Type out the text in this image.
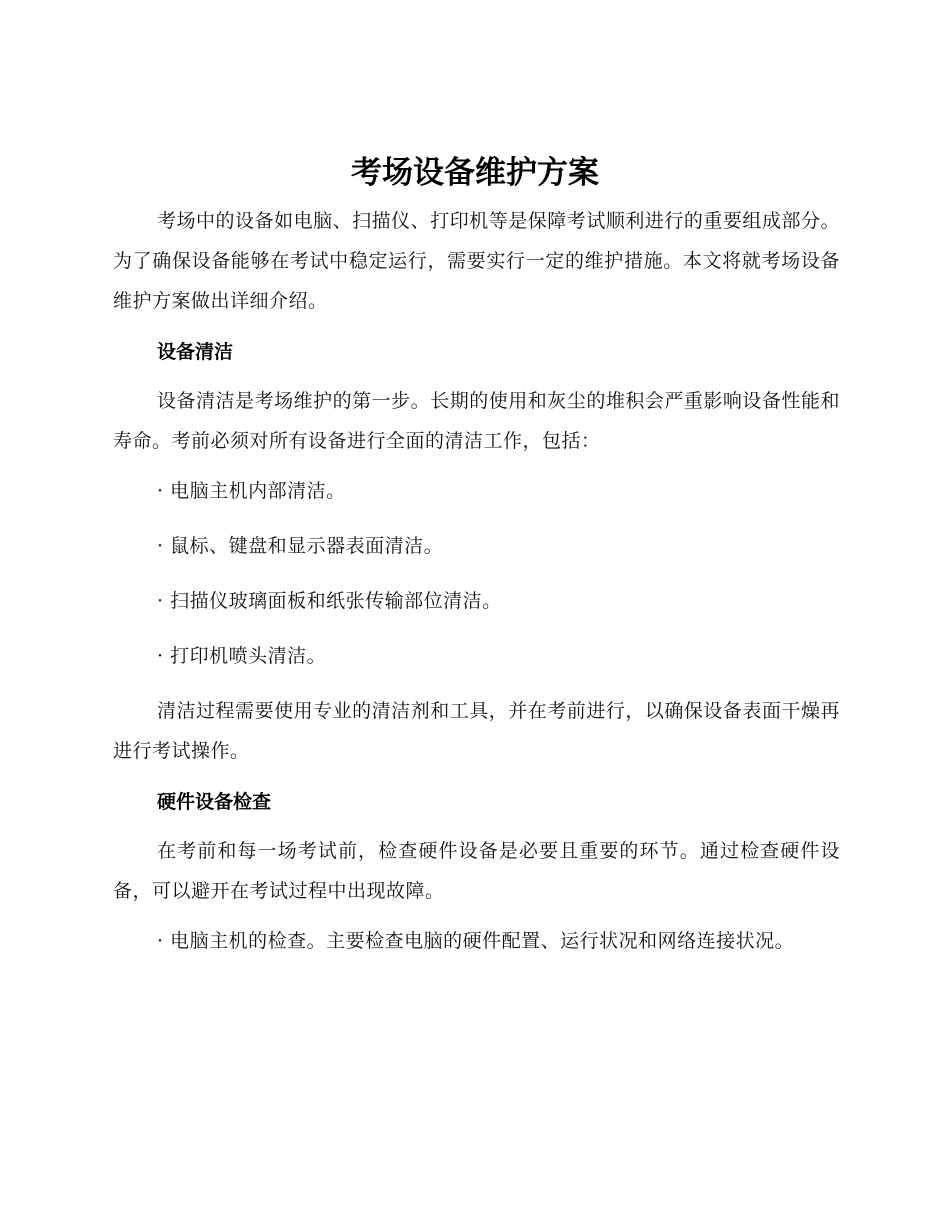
考场设备维护方案

考场中的设备如电脑、扫描仪、打印机等是保障考试顺利进行的重要组成部分。为了确保设备能够在考试中稳定运行，需要实行一定的维护措施。本文将就考场设备维护方案做出详细介绍。

设备清洁

设备清洁是考场维护的第一步。长期的使用和灰尘的堆积会严重影响设备性能和寿命。考前必须对所有设备进行全面的清洁工作，包括：

· 电脑主机内部清洁。

· 鼠标、键盘和显示器表面清洁。

· 扫描仪玻璃面板和纸张传输部位清洁。

· 打印机喷头清洁。

清洁过程需要使用专业的清洁剂和工具，并在考前进行，以确保设备表面干燥再进行考试操作。

硬件设备检查

在考前和每一场考试前，检查硬件设备是必要且重要的环节。通过检查硬件设备，可以避开在考试过程中出现故障。

· 电脑主机的检查。主要检查电脑的硬件配置、运行状况和网络连接状况。
